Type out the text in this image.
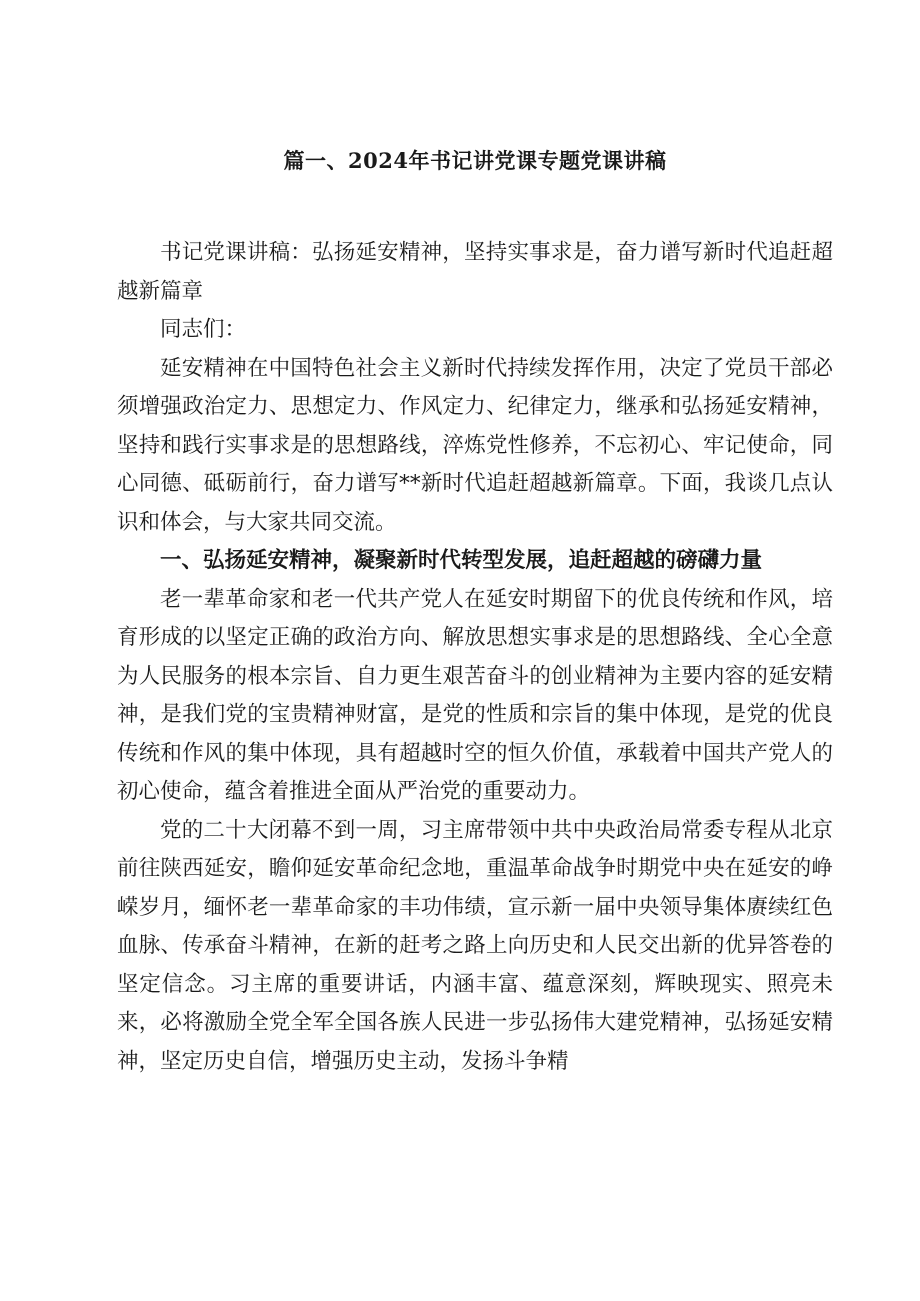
篇一、2024年书记讲党课专题党课讲稿

书记党课讲稿：弘扬延安精神，坚持实事求是，奋力谱写新时代追赶超越新篇章

同志们：

延安精神在中国特色社会主义新时代持续发挥作用，决定了党员干部必须增强政治定力、思想定力、作风定力、纪律定力，继承和弘扬延安精神，坚持和践行实事求是的思想路线，淬炼党性修养，不忘初心、牢记使命，同心同德、砥砺前行，奋力谱写**新时代追赶超越新篇章。下面，我谈几点认识和体会，与大家共同交流。

一、弘扬延安精神，凝聚新时代转型发展，追赶超越的磅礴力量

老一辈革命家和老一代共产党人在延安时期留下的优良传统和作风，培育形成的以坚定正确的政治方向、解放思想实事求是的思想路线、全心全意为人民服务的根本宗旨、自力更生艰苦奋斗的创业精神为主要内容的延安精神，是我们党的宝贵精神财富，是党的性质和宗旨的集中体现，是党的优良传统和作风的集中体现，具有超越时空的恒久价值，承载着中国共产党人的初心使命，蕴含着推进全面从严治党的重要动力。

党的二十大闭幕不到一周，习主席带领中共中央政治局常委专程从北京前往陕西延安，瞻仰延安革命纪念地，重温革命战争时期党中央在延安的峥嵘岁月，缅怀老一辈革命家的丰功伟绩，宣示新一届中央领导集体赓续红色血脉、传承奋斗精神，在新的赶考之路上向历史和人民交出新的优异答卷的坚定信念。习主席的重要讲话，内涵丰富、蕴意深刻，辉映现实、照亮未来，必将激励全党全军全国各族人民进一步弘扬伟大建党精神，弘扬延安精神，坚定历史自信，增强历史主动，发扬斗争精
